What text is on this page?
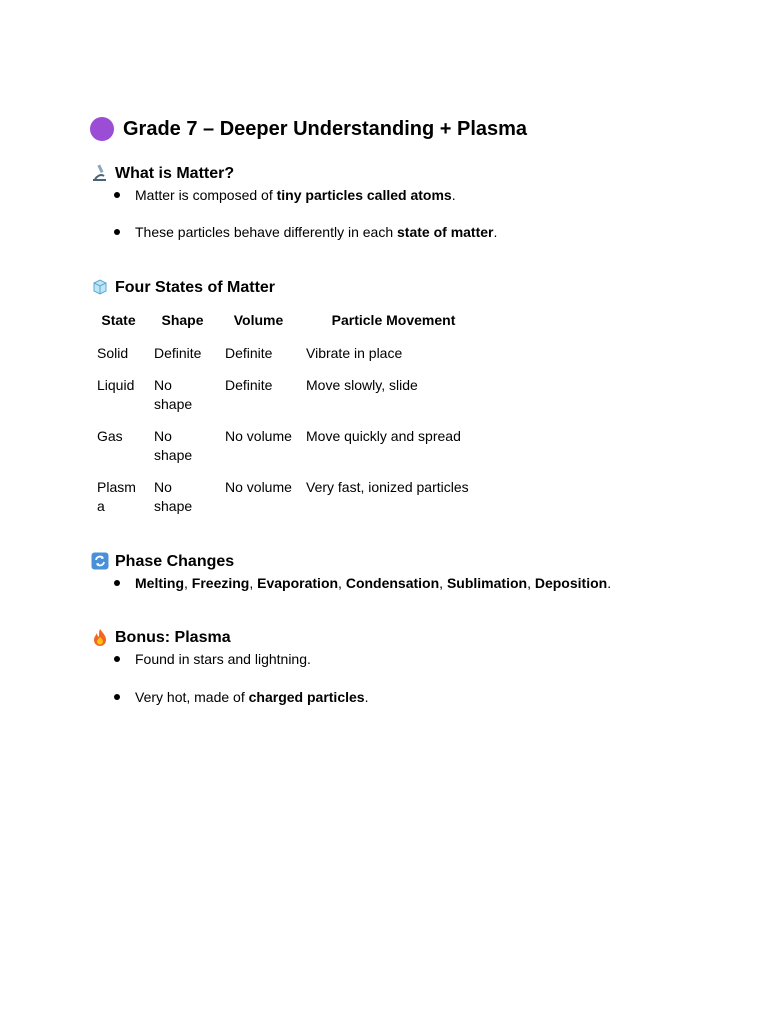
Grade 7 – Deeper Understanding + Plasma
What is Matter?
Matter is composed of tiny particles called atoms.
These particles behave differently in each state of matter.
Four States of Matter
State	Shape	Volume	Particle Movement
Solid	Definite	Definite	Vibrate in place
Liquid	No shape	Definite	Move slowly, slide
Gas	No shape	No volume	Move quickly and spread
Plasma	No shape	No volume	Very fast, ionized particles
Phase Changes
Melting, Freezing, Evaporation, Condensation, Sublimation, Deposition.
Bonus: Plasma
Found in stars and lightning.
Very hot, made of charged particles.
